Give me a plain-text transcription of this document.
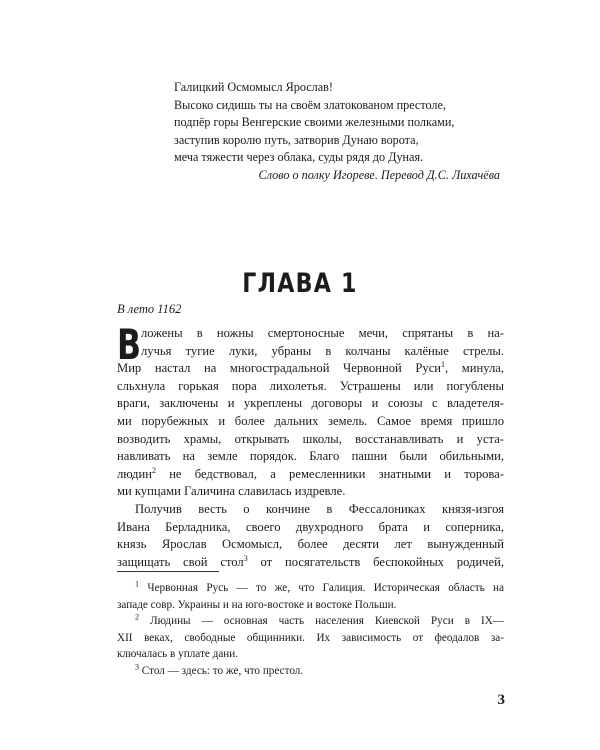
Галицкий Осмомысл Ярослав!
Высоко сидишь ты на своём златокованом престоле,
подпёр горы Венгерские своими железными полками,
заступив королю путь, затворив Дунаю ворота,
меча тяжести через облака, суды рядя до Дуная.
Слово о полку Игореве. Перевод Д.С. Лихачёва
ГЛАВА 1
В лето 1162
В ложены в ножны смертоносные мечи, спрятаны в на-
лучья тугие луки, убраны в колчаны калёные стрелы.
Мир настал на многострадальной Червонной Руси$^1$, минула,
сльхнула горькая пора лихолетья. Устрашены или погублены
враги, заключены и укреплены договоры и союзы с владетеля-
ми порубежных и более дальних земель. Самое время пришло
возводить храмы, открывать школы, восстанавливать и уста-
навливать на земле порядок. Благо пашни были обильными,
людин$^2$ не бедствовал, а ремесленники знатными и торова-
ми купцами Галичина славилась издревле.
Получив весть о кончине в Фессалониках князя-изгоя
Ивана Берладника, своего двухродного брата и соперника,
князь Ярослав Осмомысл, более десяти лет вынужденный
защищать свой стол$^3$ от посягательств беспокойных родичей,
$^1$ Червонная Русь — то же, что Галиция. Историческая область на
западе совр. Украины и на юго-востоке и востоке Польши.
$^2$ Людины — основная часть населения Киевской Руси в IX—
XII веках, свободные общинники. Их зависимость от феодалов за-
ключалась в уплате дани.
$^3$ Стол — здесь: то же, что престол.
3
